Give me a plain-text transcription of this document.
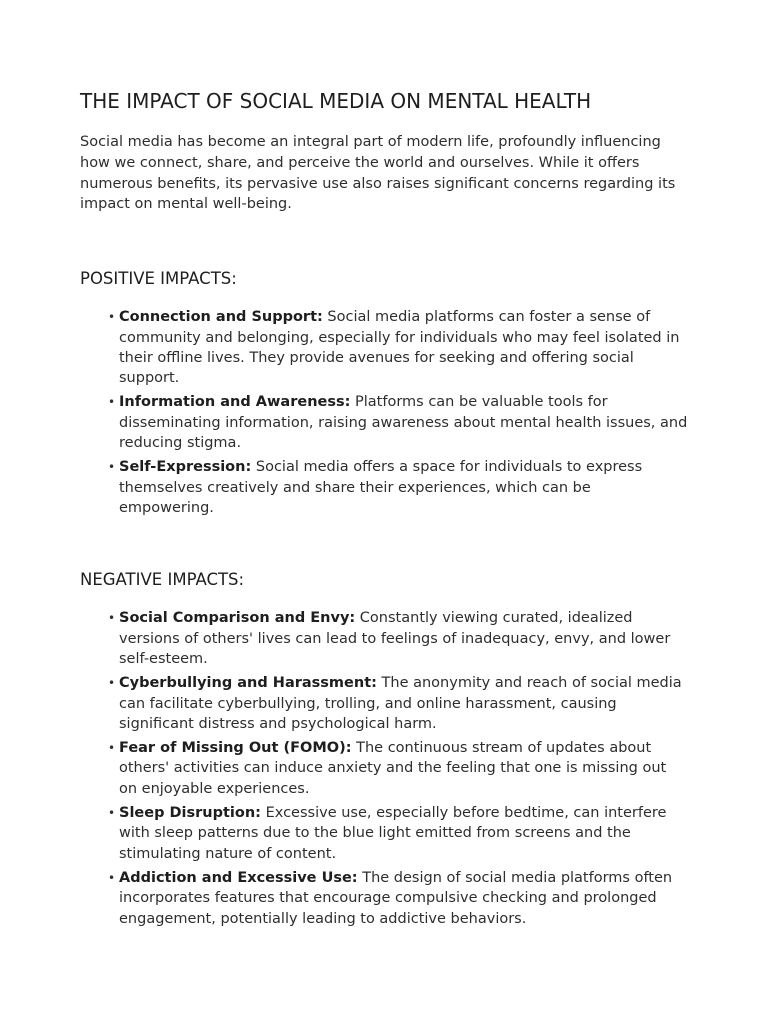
THE IMPACT OF SOCIAL MEDIA ON MENTAL HEALTH

Social media has become an integral part of modern life, profoundly influencing how we connect, share, and perceive the world and ourselves. While it offers numerous benefits, its pervasive use also raises significant concerns regarding its impact on mental well-being.

POSITIVE IMPACTS:
• Connection and Support: Social media platforms can foster a sense of community and belonging, especially for individuals who may feel isolated in their offline lives. They provide avenues for seeking and offering social support.
• Information and Awareness: Platforms can be valuable tools for disseminating information, raising awareness about mental health issues, and reducing stigma.
• Self-Expression: Social media offers a space for individuals to express themselves creatively and share their experiences, which can be empowering.
NEGATIVE IMPACTS:
• Social Comparison and Envy: Constantly viewing curated, idealized versions of others' lives can lead to feelings of inadequacy, envy, and lower self-esteem.
• Cyberbullying and Harassment: The anonymity and reach of social media can facilitate cyberbullying, trolling, and online harassment, causing significant distress and psychological harm.
• Fear of Missing Out (FOMO): The continuous stream of updates about others' activities can induce anxiety and the feeling that one is missing out on enjoyable experiences.
• Sleep Disruption: Excessive use, especially before bedtime, can interfere with sleep patterns due to the blue light emitted from screens and the stimulating nature of content.
• Addiction and Excessive Use: The design of social media platforms often incorporates features that encourage compulsive checking and prolonged engagement, potentially leading to addictive behaviors.
